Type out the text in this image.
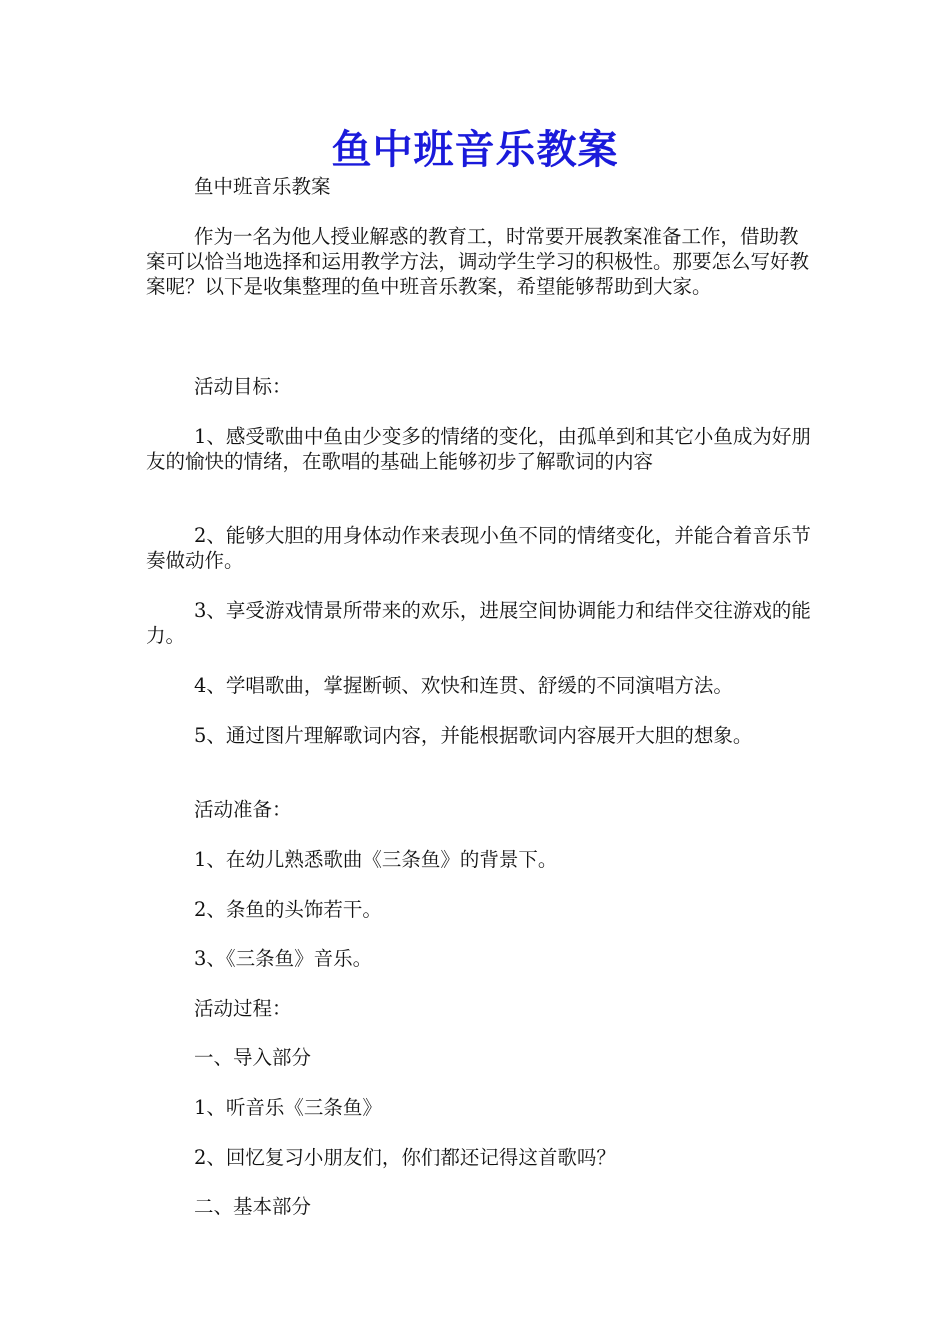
鱼中班音乐教案

鱼中班音乐教案

作为一名为他人授业解惑的教育工，时常要开展教案准备工作，借助教案可以恰当地选择和运用教学方法，调动学生学习的积极性。那要怎么写好教案呢？以下是收集整理的鱼中班音乐教案，希望能够帮助到大家。

活动目标：

1、感受歌曲中鱼由少变多的情绪的变化，由孤单到和其它小鱼成为好朋友的愉快的情绪，在歌唱的基础上能够初步了解歌词的内容

2、能够大胆的用身体动作来表现小鱼不同的情绪变化，并能合着音乐节奏做动作。

3、享受游戏情景所带来的欢乐，进展空间协调能力和结伴交往游戏的能力。

4、学唱歌曲，掌握断顿、欢快和连贯、舒缓的不同演唱方法。

5、通过图片理解歌词内容，并能根据歌词内容展开大胆的想象。

活动准备：

1、在幼儿熟悉歌曲《三条鱼》的背景下。

2、条鱼的头饰若干。

3、《三条鱼》音乐。

活动过程：

一、导入部分

1、听音乐《三条鱼》

2、回忆复习小朋友们，你们都还记得这首歌吗？

二、基本部分
